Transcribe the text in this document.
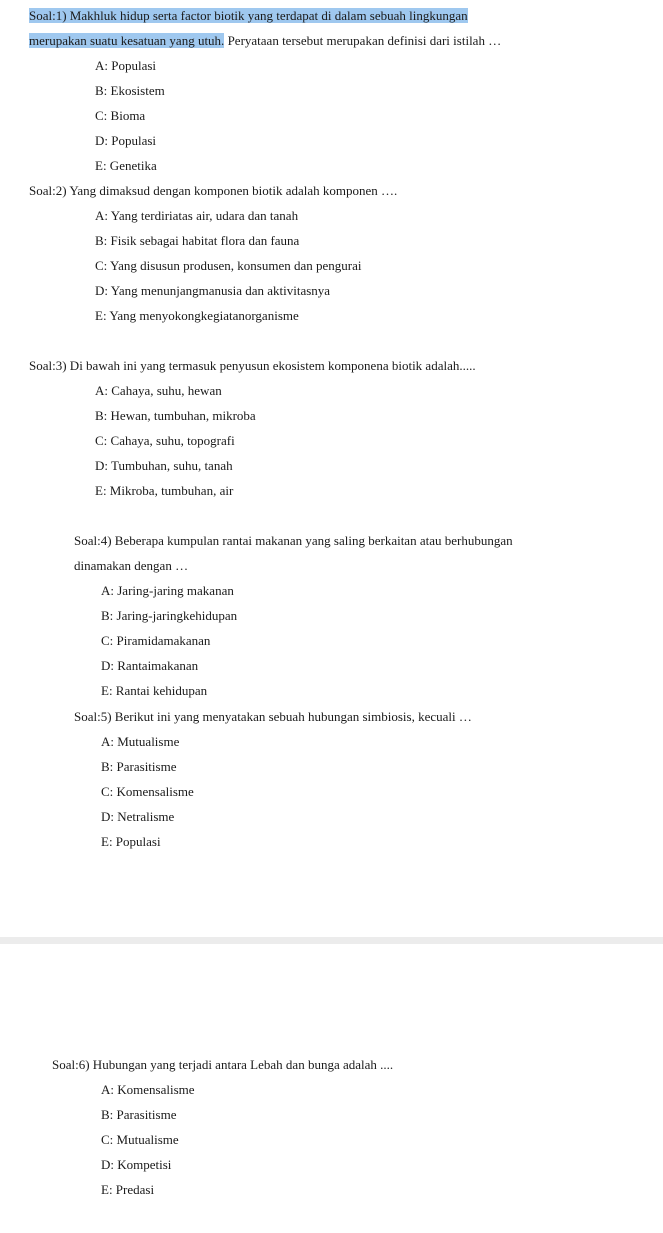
Soal:1) Makhluk hidup serta factor biotik yang terdapat di dalam sebuah lingkungan
merupakan suatu kesatuan yang utuh. Peryataan tersebut merupakan definisi dari istilah …
A: Populasi
B: Ekosistem
C: Bioma
D: Populasi
E: Genetika
Soal:2) Yang dimaksud dengan komponen biotik adalah komponen ….
A: Yang terdiriatas air, udara dan tanah
B: Fisik sebagai habitat flora dan fauna
C: Yang disusun produsen, konsumen dan pengurai
D: Yang menunjangmanusia dan aktivitasnya
E: Yang menyokongkegiatanorganisme
Soal:3) Di bawah ini yang termasuk penyusun ekosistem komponena biotik adalah.....
A: Cahaya, suhu, hewan
B: Hewan, tumbuhan, mikroba
C: Cahaya, suhu, topografi
D: Tumbuhan, suhu, tanah
E: Mikroba, tumbuhan, air
Soal:4) Beberapa kumpulan rantai makanan yang saling berkaitan atau berhubungan
dinamakan dengan …
A: Jaring-jaring makanan
B: Jaring-jaringkehidupan
C: Piramidamakanan
D: Rantaimakanan
E: Rantai kehidupan
Soal:5) Berikut ini yang menyatakan sebuah hubungan simbiosis, kecuali …
A: Mutualisme
B: Parasitisme
C: Komensalisme
D: Netralisme
E: Populasi
Soal:6) Hubungan yang terjadi antara Lebah dan bunga adalah ....
A: Komensalisme
B: Parasitisme
C: Mutualisme
D: Kompetisi
E: Predasi
